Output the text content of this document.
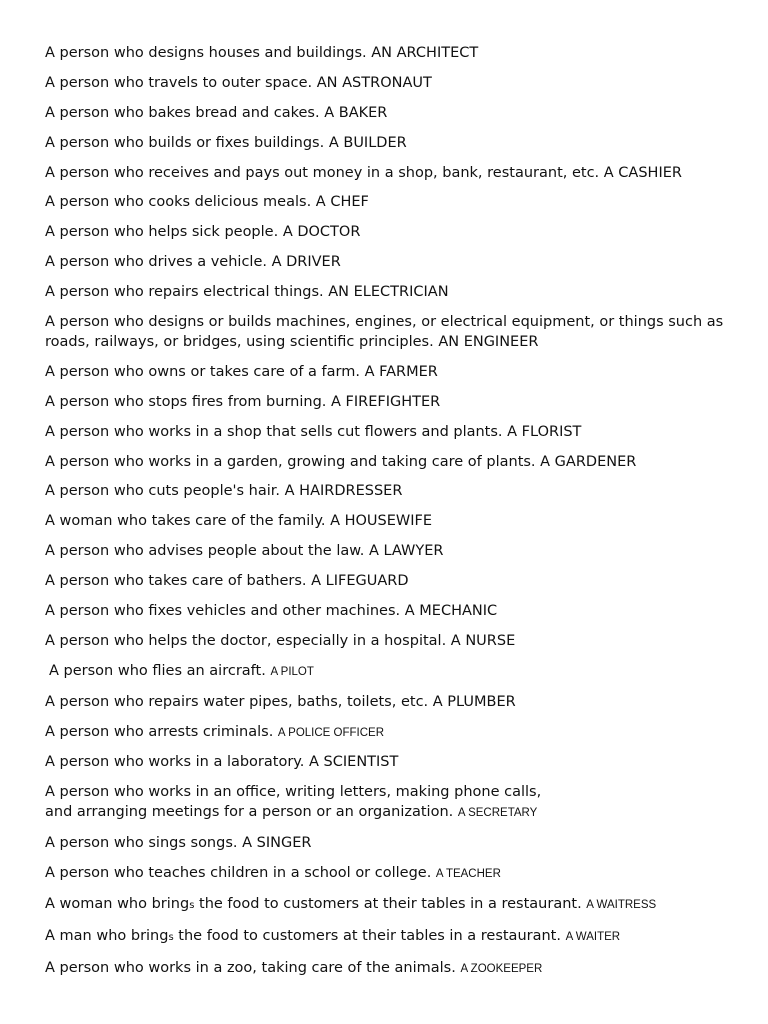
A person who designs houses and buildings. AN ARCHITECT
A person who travels to outer space. AN ASTRONAUT
A person who bakes bread and cakes. A BAKER
A person who builds or fixes buildings. A BUILDER
A person who receives and pays out money in a shop, bank, restaurant, etc. A CASHIER
A person who cooks delicious meals. A CHEF
A person who helps sick people. A DOCTOR
A person who drives a vehicle. A DRIVER
A person who repairs electrical things. AN ELECTRICIAN
A person who designs or builds machines, engines, or electrical equipment, or things such as roads, railways, or bridges, using scientific principles. AN ENGINEER
A person who owns or takes care of a farm. A FARMER
A person who stops fires from burning. A FIREFIGHTER
A person who works in a shop that sells cut flowers and plants. A FLORIST
A person who works in a garden, growing and taking care of plants. A GARDENER
A person who cuts people's hair. A HAIRDRESSER
A woman who takes care of the family. A HOUSEWIFE
A person who advises people about the law. A LAWYER
A person who takes care of bathers. A LIFEGUARD
A person who fixes vehicles and other machines. A MECHANIC
A person who helps the doctor, especially in a hospital. A NURSE
A person who flies an aircraft. A PILOT
A person who repairs water pipes, baths, toilets, etc. A PLUMBER
A person who arrests criminals. A POLICE OFFICER
A person who works in a laboratory. A SCIENTIST
A person who works in an office, writing letters, making phone calls,
and arranging meetings for a person or an organization. A SECRETARY
A person who sings songs. A SINGER
A person who teaches children in a school or college. A TEACHER
A woman who brings the food to customers at their tables in a restaurant. A WAITRESS
A man who brings the food to customers at their tables in a restaurant. A WAITER
A person who works in a zoo, taking care of the animals. A ZOOKEEPER
